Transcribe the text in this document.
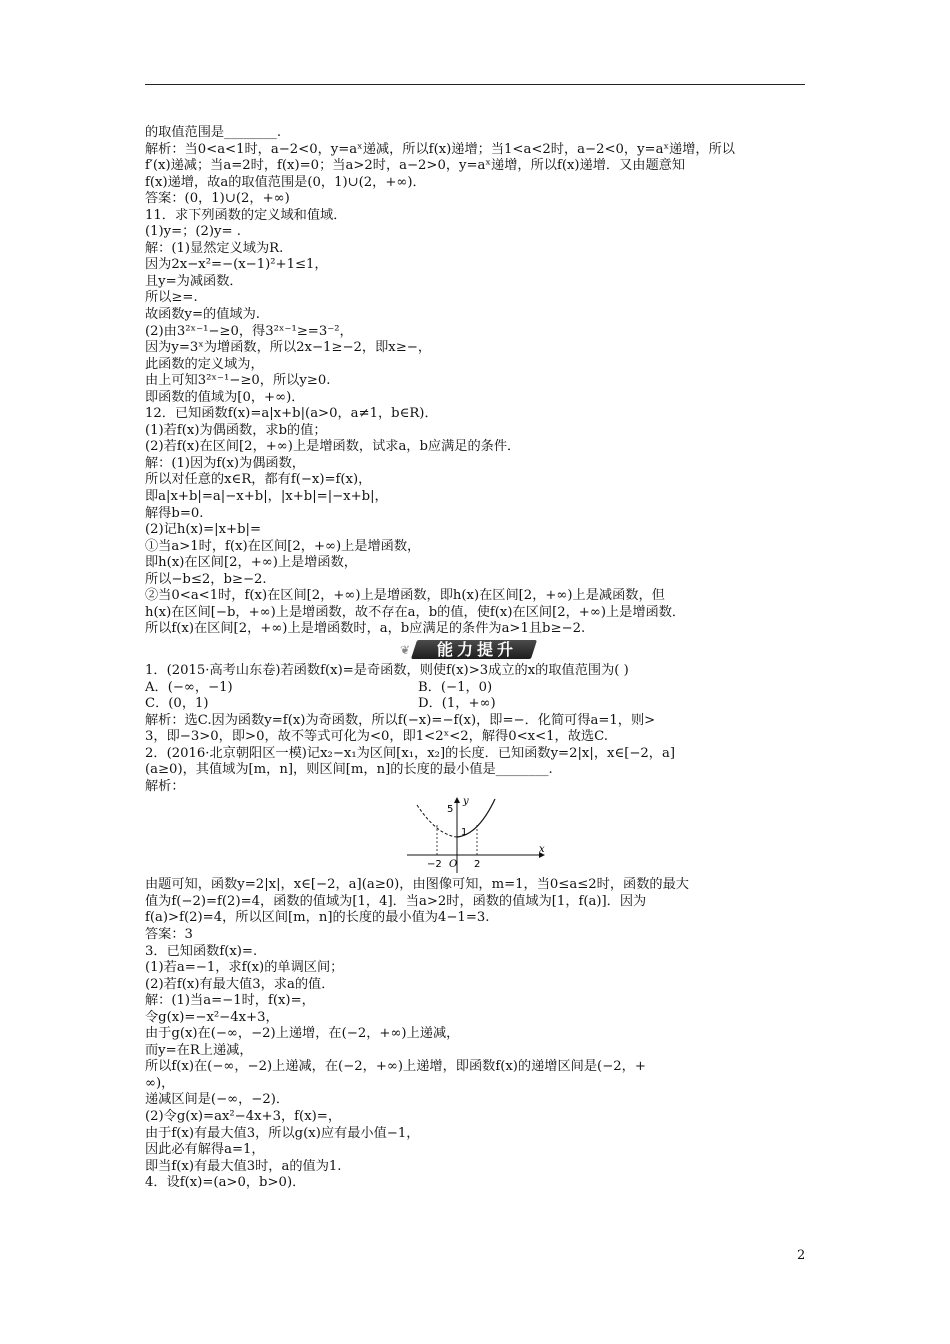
的取值范围是________.
解析：当0<a<1时，a−2<0，y=aˣ递减，所以f(x)递增；当1<a<2时，a−2<0，y=aˣ递增，所以
f′(x)递减；当a=2时，f(x)=0；当a>2时，a−2>0，y=aˣ递增，所以f(x)递增．又由题意知
f(x)递增，故a的取值范围是(0，1)∪(2，+∞)．
答案：(0，1)∪(2，+∞)
11．求下列函数的定义域和值域．
(1)y=；(2)y= .
解：(1)显然定义域为R.
因为2x−x²=−(x−1)²+1≤1，
且y=为减函数．
所以≥=.
故函数y=的值域为.
(2)由3²ˣ⁻¹−≥0，得3²ˣ⁻¹≥=3⁻²，
因为y=3ˣ为增函数，所以2x−1≥−2，即x≥−，
此函数的定义域为，
由上可知3²ˣ⁻¹−≥0，所以y≥0.
即函数的值域为[0，+∞)．
12．已知函数f(x)=a|x+b|(a>0，a≠1，b∈R)．
(1)若f(x)为偶函数，求b的值；
(2)若f(x)在区间[2，+∞)上是增函数，试求a，b应满足的条件．
解：(1)因为f(x)为偶函数，
所以对任意的x∈R，都有f(−x)=f(x)，
即a|x+b|=a|−x+b|，|x+b|=|−x+b|，
解得b=0.
(2)记h(x)=|x+b|=
①当a>1时，f(x)在区间[2，+∞)上是增函数，
即h(x)在区间[2，+∞)上是增函数，
所以−b≤2，b≥−2.
②当0<a<1时，f(x)在区间[2，+∞)上是增函数，即h(x)在区间[2，+∞)上是减函数，但
h(x)在区间[−b，+∞)上是增函数，故不存在a，b的值，使f(x)在区间[2，+∞)上是增函数．
所以f(x)在区间[2，+∞)上是增函数时，a，b应满足的条件为a>1且b≥−2.
❦	能力提升
1．(2015·高考山东卷)若函数f(x)=是奇函数，则使f(x)>3成立的x的取值范围为( )
A．(−∞，−1)	B．(−1，0)
C．(0，1)	D．(1，+∞)
解析：选C.因为函数y=f(x)为奇函数，所以f(−x)=−f(x)，即=−．化简可得a=1，则>
3，即−3>0，即>0，故不等式可化为<0，即1<2ˣ<2，解得0<x<1，故选C.
2．(2016·北京朝阳区一模)记x₂−x₁为区间[x₁，x₂]的长度．已知函数y=2|x|，x∈[−2，a]
(a≥0)，其值域为[m，n]，则区间[m，n]的长度的最小值是________.
解析：
y
x
5
1
−2 O 2
由题可知，函数y=2|x|，x∈[−2，a](a≥0)，由图像可知，m=1，当0≤a≤2时，函数的最大
值为f(−2)=f(2)=4，函数的值域为[1，4]．当a>2时，函数的值域为[1，f(a)]．因为
f(a)>f(2)=4，所以区间[m，n]的长度的最小值为4−1=3.
答案：3
3．已知函数f(x)=.
(1)若a=−1，求f(x)的单调区间；
(2)若f(x)有最大值3，求a的值．
解：(1)当a=−1时，f(x)=，
令g(x)=−x²−4x+3，
由于g(x)在(−∞，−2)上递增，在(−2，+∞)上递减，
而y=在R上递减，
所以f(x)在(−∞，−2)上递减，在(−2，+∞)上递增，即函数f(x)的递增区间是(−2，+
∞)，
递减区间是(−∞，−2)．
(2)令g(x)=ax²−4x+3，f(x)=，
由于f(x)有最大值3，所以g(x)应有最小值−1，
因此必有解得a=1，
即当f(x)有最大值3时，a的值为1.
4．设f(x)=(a>0，b>0)．
2
